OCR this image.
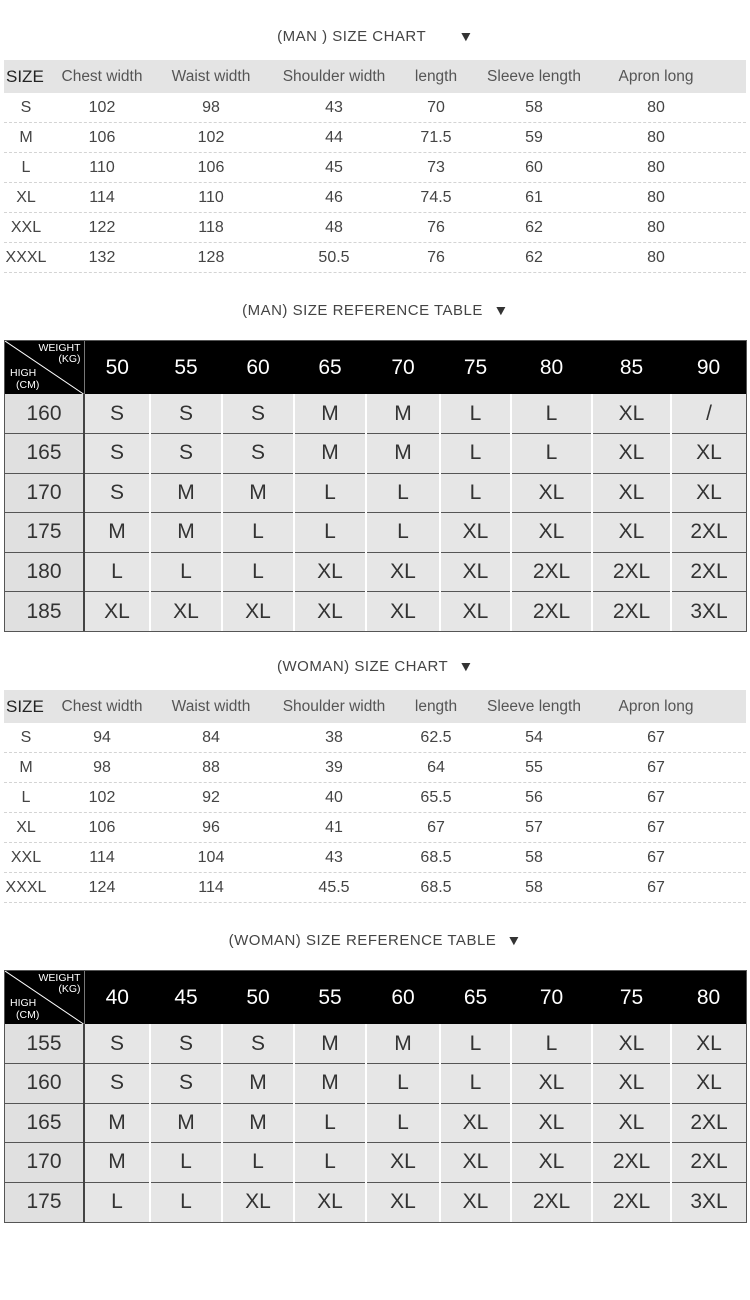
(MAN ) SIZE CHART ▼
SIZE	Chest width	Waist width	Shoulder width	length	Sleeve length	Apron long
S	102	98	43	70	58	80
M	106	102	44	71.5	59	80
L	110	106	45	73	60	80
XL	114	110	46	74.5	61	80
XXL	122	118	48	76	62	80
XXXL	132	128	50.5	76	62	80
(MAN) SIZE REFERENCE TABLE ▼
WEIGHT
(KG)
HIGH
(CM)	50	55	60	65	70	75	80	85	90
160	S	S	S	M	M	L	L	XL	/
165	S	S	S	M	M	L	L	XL	XL
170	S	M	M	L	L	L	XL	XL	XL
175	M	M	L	L	L	XL	XL	XL	2XL
180	L	L	L	XL	XL	XL	2XL	2XL	2XL
185	XL	XL	XL	XL	XL	XL	2XL	2XL	3XL
(WOMAN) SIZE CHART ▼
SIZE	Chest width	Waist width	Shoulder width	length	Sleeve length	Apron long
S	94	84	38	62.5	54	67
M	98	88	39	64	55	67
L	102	92	40	65.5	56	67
XL	106	96	41	67	57	67
XXL	114	104	43	68.5	58	67
XXXL	124	114	45.5	68.5	58	67
(WOMAN) SIZE REFERENCE TABLE ▼
WEIGHT
(KG)
HIGH
(CM)	40	45	50	55	60	65	70	75	80
155	S	S	S	M	M	L	L	XL	XL
160	S	S	M	M	L	L	XL	XL	XL
165	M	M	M	L	L	XL	XL	XL	2XL
170	M	L	L	L	XL	XL	XL	2XL	2XL
175	L	L	XL	XL	XL	XL	2XL	2XL	3XL
